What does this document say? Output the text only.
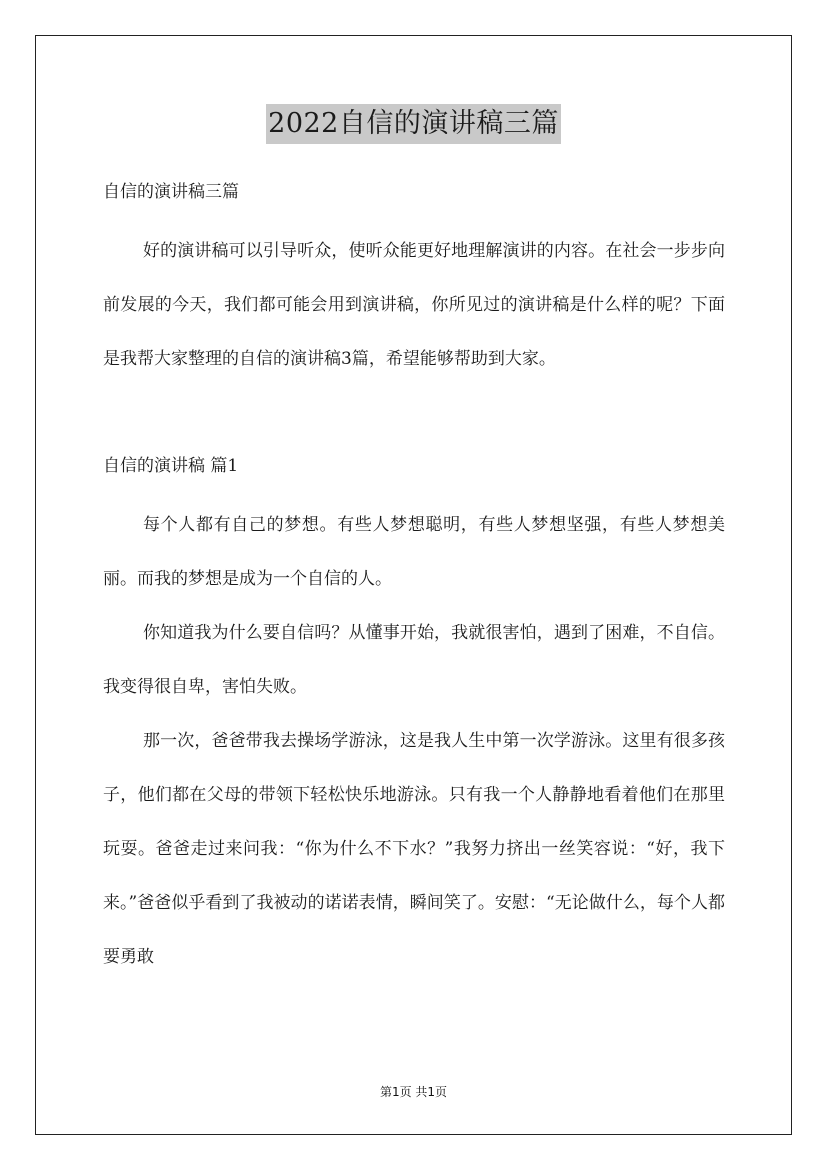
2022自信的演讲稿三篇

自信的演讲稿三篇

好的演讲稿可以引导听众，使听众能更好地理解演讲的内容。在社会一步步向前发展的今天，我们都可能会用到演讲稿，你所见过的演讲稿是什么样的呢？下面是我帮大家整理的自信的演讲稿3篇，希望能够帮助到大家。

自信的演讲稿 篇1

每个人都有自己的梦想。有些人梦想聪明，有些人梦想坚强，有些人梦想美丽。而我的梦想是成为一个自信的人。

你知道我为什么要自信吗？从懂事开始，我就很害怕，遇到了困难，不自信。我变得很自卑，害怕失败。

那一次，爸爸带我去操场学游泳，这是我人生中第一次学游泳。这里有很多孩子，他们都在父母的带领下轻松快乐地游泳。只有我一个人静静地看着他们在那里玩耍。爸爸走过来问我：“你为什么不下水？”我努力挤出一丝笑容说：“好，我下来。”爸爸似乎看到了我被动的诺诺表情，瞬间笑了。安慰：“无论做什么，每个人都要勇敢

第1页 共1页
